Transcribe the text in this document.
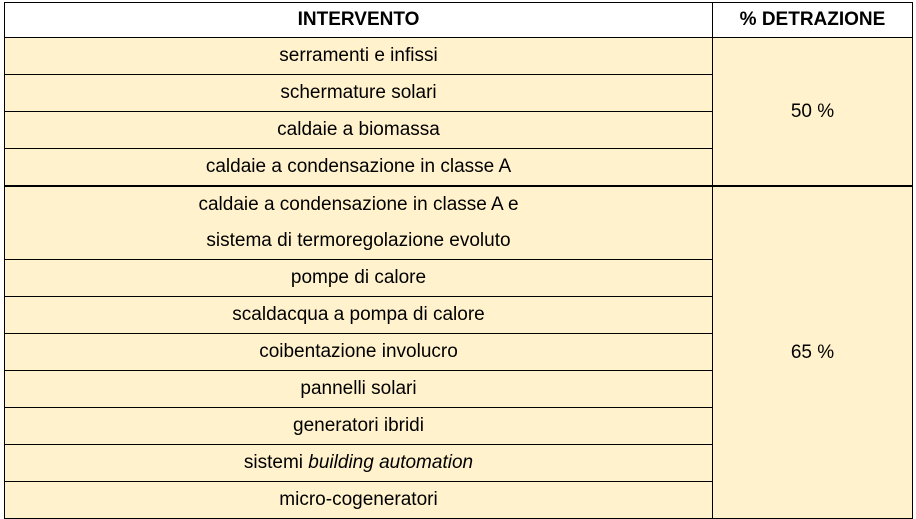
INTERVENTO	% DETRAZIONE
serramenti e infissi	50 %
schermature solari	
caldaie a biomassa	
caldaie a condensazione in classe A	

caldaie a condensazione in classe A e
sistema di termoregolazione evoluto	65 %
pompe di calore	
scaldacqua a pompa di calore	
coibentazione involucro	
pannelli solari	
generatori ibridi	
sistemi building automation	
micro-cogeneratori	
